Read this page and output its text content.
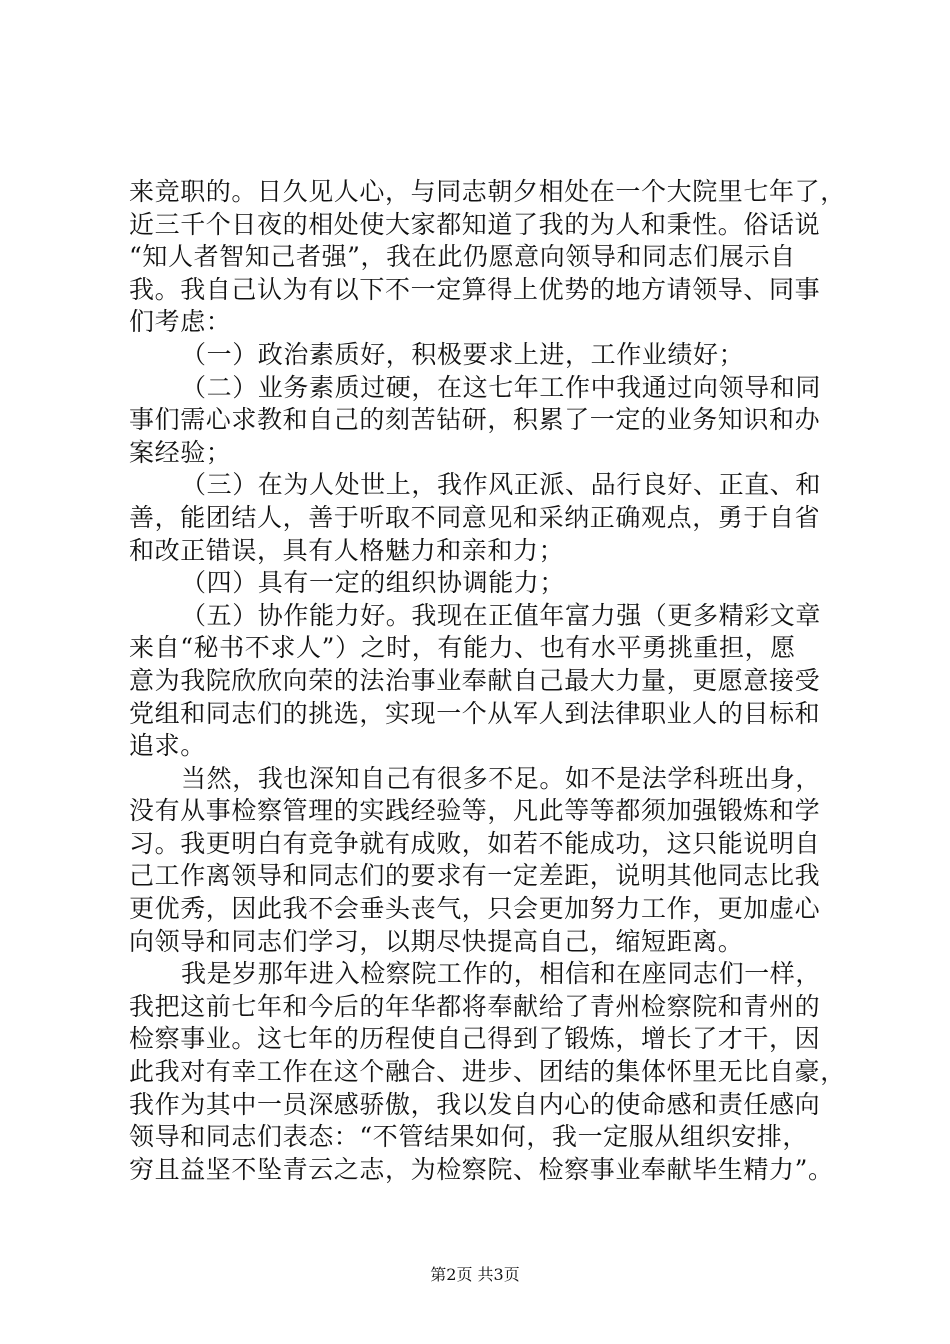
来竞职的。日久见人心，与同志朝夕相处在一个大院里七年了，
近三千个日夜的相处使大家都知道了我的为人和秉性。俗话说
“知人者智知己者强”，我在此仍愿意向领导和同志们展示自
我。我自己认为有以下不一定算得上优势的地方请领导、同事
们考虑：
（一）政治素质好，积极要求上进，工作业绩好；
（二）业务素质过硬，在这七年工作中我通过向领导和同
事们需心求教和自己的刻苦钻研，积累了一定的业务知识和办
案经验；
（三）在为人处世上，我作风正派、品行良好、正直、和
善，能团结人，善于听取不同意见和采纳正确观点，勇于自省
和改正错误，具有人格魅力和亲和力；
（四）具有一定的组织协调能力；
（五）协作能力好。我现在正值年富力强（更多精彩文章
来自“秘书不求人”）之时，有能力、也有水平勇挑重担，愿
意为我院欣欣向荣的法治事业奉献自己最大力量，更愿意接受
党组和同志们的挑选，实现一个从军人到法律职业人的目标和
追求。
当然，我也深知自己有很多不足。如不是法学科班出身，
没有从事检察管理的实践经验等，凡此等等都须加强锻炼和学
习。我更明白有竞争就有成败，如若不能成功，这只能说明自
己工作离领导和同志们的要求有一定差距，说明其他同志比我
更优秀，因此我不会垂头丧气，只会更加努力工作，更加虚心
向领导和同志们学习，以期尽快提高自己，缩短距离。
我是岁那年进入检察院工作的，相信和在座同志们一样，
我把这前七年和今后的年华都将奉献给了青州检察院和青州的
检察事业。这七年的历程使自己得到了锻炼，增长了才干，因
此我对有幸工作在这个融合、进步、团结的集体怀里无比自豪，
我作为其中一员深感骄傲，我以发自内心的使命感和责任感向
领导和同志们表态：“不管结果如何，我一定服从组织安排，
穷且益坚不坠青云之志，为检察院、检察事业奉献毕生精力”。
第2页 共3页
